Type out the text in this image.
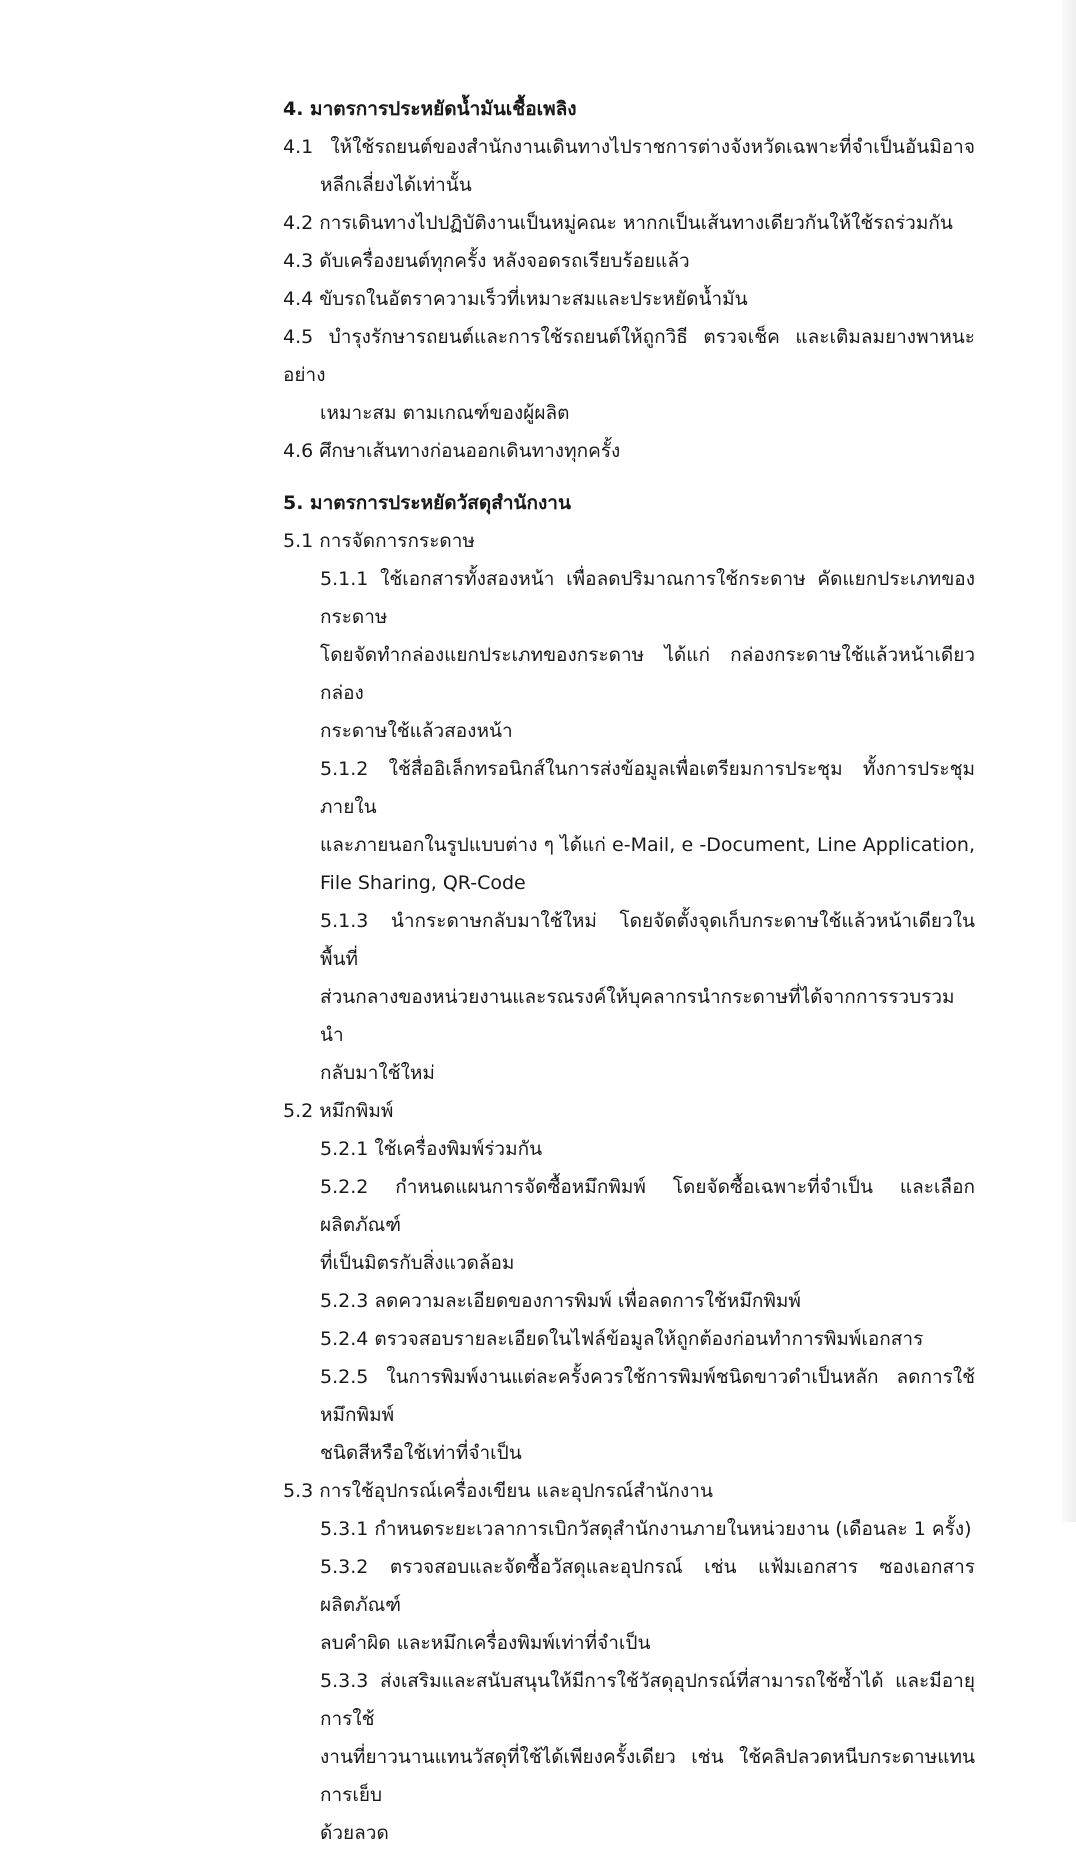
4. มาตรการประหยัดน้ำมันเชื้อเพลิง
4.1 ให้ใช้รถยนต์ของสำนักงานเดินทางไปราชการต่างจังหวัดเฉพาะที่จำเป็นอันมิอาจ
หลีกเลี่ยงได้เท่านั้น
4.2 การเดินทางไปปฏิบัติงานเป็นหมู่คณะ หากกเป็นเส้นทางเดียวกันให้ใช้รถร่วมกัน
4.3 ดับเครื่องยนต์ทุกครั้ง หลังจอดรถเรียบร้อยแล้ว
4.4 ขับรถในอัตราความเร็วที่เหมาะสมและประหยัดน้ำมัน
4.5 บำรุงรักษารถยนต์และการใช้รถยนต์ให้ถูกวิธี ตรวจเช็ค และเติมลมยางพาหนะอย่าง
เหมาะสม ตามเกณฑ์ของผู้ผลิต
4.6 ศึกษาเส้นทางก่อนออกเดินทางทุกครั้ง
5. มาตรการประหยัดวัสดุสำนักงาน
5.1 การจัดการกระดาษ
5.1.1 ใช้เอกสารทั้งสองหน้า เพื่อลดปริมาณการใช้กระดาษ คัดแยกประเภทของกระดาษ
โดยจัดทำกล่องแยกประเภทของกระดาษ ได้แก่ กล่องกระดาษใช้แล้วหน้าเดียว กล่อง
กระดาษใช้แล้วสองหน้า
5.1.2 ใช้สื่ออิเล็กทรอนิกส์ในการส่งข้อมูลเพื่อเตรียมการประชุม ทั้งการประชุมภายใน
และภายนอกในรูปแบบต่าง ๆ ได้แก่ e-Mail, e -Document, Line Application,
File Sharing, QR-Code
5.1.3 นำกระดาษกลับมาใช้ใหม่ โดยจัดตั้งจุดเก็บกระดาษใช้แล้วหน้าเดียวในพื้นที่
ส่วนกลางของหน่วยงานและรณรงค์ให้บุคลากรนำกระดาษที่ได้จากการรวบรวมนำ
กลับมาใช้ใหม่
5.2 หมึกพิมพ์
5.2.1 ใช้เครื่องพิมพ์ร่วมกัน
5.2.2 กำหนดแผนการจัดซื้อหมึกพิมพ์ โดยจัดซื้อเฉพาะที่จำเป็น และเลือกผลิตภัณฑ์
ที่เป็นมิตรกับสิ่งแวดล้อม
5.2.3 ลดความละเอียดของการพิมพ์ เพื่อลดการใช้หมึกพิมพ์
5.2.4 ตรวจสอบรายละเอียดในไฟล์ข้อมูลให้ถูกต้องก่อนทำการพิมพ์เอกสาร
5.2.5 ในการพิมพ์งานแต่ละครั้งควรใช้การพิมพ์ชนิดขาวดำเป็นหลัก ลดการใช้หมึกพิมพ์
ชนิดสีหรือใช้เท่าที่จำเป็น
5.3 การใช้อุปกรณ์เครื่องเขียน และอุปกรณ์สำนักงาน
5.3.1 กำหนดระยะเวลาการเบิกวัสดุสำนักงานภายในหน่วยงาน (เดือนละ 1 ครั้ง)
5.3.2 ตรวจสอบและจัดซื้อวัสดุและอุปกรณ์ เช่น แฟ้มเอกสาร ซองเอกสาร ผลิตภัณฑ์
ลบคำผิด และหมึกเครื่องพิมพ์เท่าที่จำเป็น
5.3.3 ส่งเสริมและสนับสนุนให้มีการใช้วัสดุอุปกรณ์ที่สามารถใช้ซ้ำได้ และมีอายุการใช้
งานที่ยาวนานแทนวัสดุที่ใช้ได้เพียงครั้งเดียว เช่น ใช้คลิปลวดหนีบกระดาษแทนการเย็บ
ด้วยลวด
